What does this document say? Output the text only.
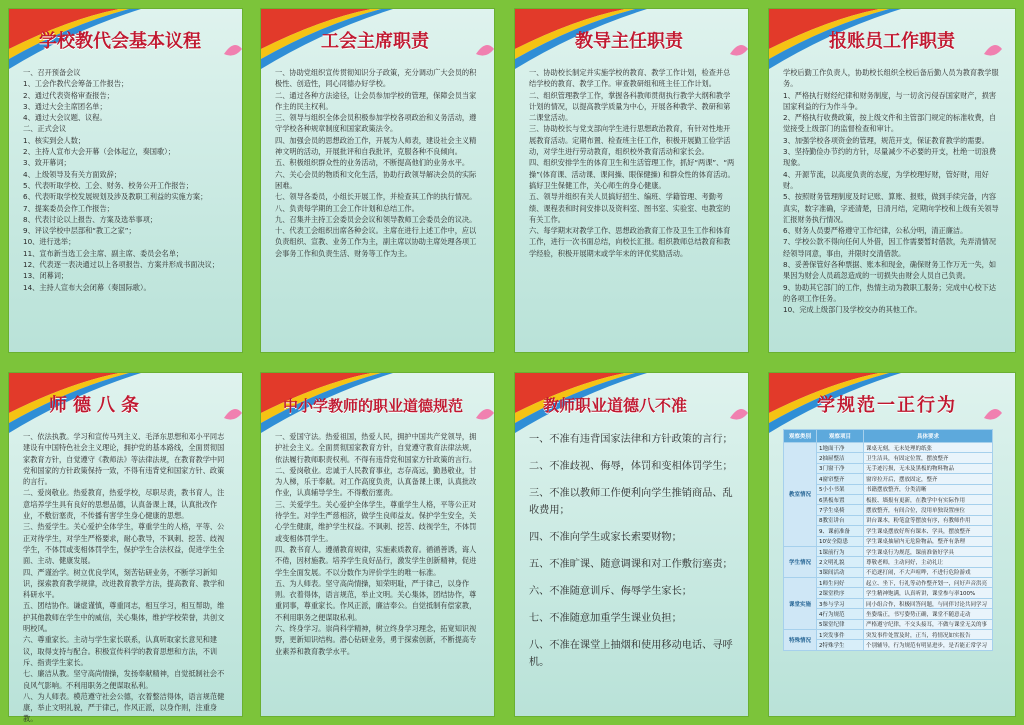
学校教代会基本议程

一、召开预备会议

1、工会作教代会筹备工作报告；

2、通过代表资格审查报告；

3、通过大会主席团名单；

4、通过大会议题、议程。

二、正式会议

1、核实到会人数；

2、主持人宣布大会开幕（会体起立，奏国歌）；

3、致开幕词；

4、上级领导及有关方面致辞；

5、代表听取学校、工会、财务、校务公开工作报告；

6、代表听取学校发展规划及涉及教职工利益的实施方案；

7、提案委员会作工作报告；

8、代表讨论以上报告、方案及选举事项；

9、评议学校中层部和“教工之家”；

10、进行选举；

11、宣布新当选工会主席、副主席、委员会名单；

12、代表逐一表决通过以上各项报告、方案并形成书面决议；

13、闭幕词；

14、主持人宣布大会闭幕（奏国际歌）。

工会主席职责

一、协助党组织宣传贯彻知识分子政策，充分调动广大会员的积极性、创造性，同心同德办好学校。

二、通过各种方法途径，让会员参加学校的管理，保障会员当家作主的民主权利。

三、领导与组织全体会员积极参加学校各项政治和义务活动，遵守学校各种规章制度和国家政策法令。

四、加强会员的思想政治工作，开展为人师表，建设社会主义精神文明的活动，开展批评和自我批评，克服各种不良倾向。

五、积极组织群众性的业务活动，不断提高他们的业务水平。

六、关心会员的物质和文化生活，协助行政领导解决会员的实际困难。

七、领导各委员，小组长开展工作，并检查其工作的执行情况。

八、负责每学期的工会工作计划和总结工作。

九、召集并主持工会委员会会议和领导教师工会委员会的议决。

十、代表工会组织出席各种会议。主席在进行上述工作中，应以负责组织、宣教、业务工作为主，副主席以协助主席处理各项工会事务工作和负责生活、财务等工作为主。

教导主任职责

一、协助校长制定并实施学校的教育、教学工作计划，检查并总结学校的教育、教学工作。审查教研组和班主任工作计划。

二、组织管理教学工作，掌握各科教师贯彻执行教学大纲和教学计划的情况，以提高教学质量为中心，开展各种教学、教研和第二课堂活动。

三、协助校长与党支部向学生进行思想政治教育，有针对性地开展教育活动。定期布置、检查班主任工作，积极开展勤工俭学活动，对学生进行劳动教育，组织校外教育活动和家长会。

四、组织安排学生的体育卫生和生活管理工作，抓好“两课”、“两操”(体育课、活动课、课间操、眼保健操) 和群众性的体育活动。搞好卫生保健工作，关心师生的身心健康。

五、领导并组织有关人员搞好招生、编班、学籍管理、考勤考绩、课程表和时间安排以及资料室、图书室、实验室、电教室的有关工作。

六、每学期末对教学工作、思想政治教育工作及卫生工作和体育工作，进行一次书面总结，向校长汇报。组织教师总结教育和教学经验，积极开展期末或学年末的评优奖励活动。

报账员工作职责

学校后勤工作负责人，协助校长组织全校后备后勤人员为教育教学服务。

1、严格执行财经纪律和财务制度，与一切贪污侵吞国家财产，损害国家利益的行为作斗争。

2、严格执行收费政策，按上级文件和主管部门规定的标准收费，自觉接受上级部门的监督检查和审计。

3、加强学校各项资金的管理，规范开支，保证教育教学的需要。

3、坚持勤俭办节约的方针，尽量减少不必要的开支，杜绝一切浪费现象。

4、开源节流，以高度负责的态度，为学校理好财，管好财，用好财。

5、按照财务管理制度及时记账、算账、报账，做到手续完备，内容真实，数字准确，字迹清楚，日清月结，定期向学校和上级有关领导汇报财务执行情况。

6、财务人员要严格遵守工作纪律，公私分明，清正廉洁。

7、学校公款不得向任何人外借，因工作需要暂时借款，先弄清情况经领导同意，事由，并限时交清借款。

8、妥善保管好各种票据、账本和现金，确保财务工作万无一失，如果因为财会人员疏忽造成的一切损失由财会人员自己负责。

9、协助其它部门的工作，热情主动为教职工服务；完成中心校下达的各项工作任务。

10、完成上级部门及学校交办的其他工作。

师德八条

一、依法执教。学习和宣传马列主义、毛泽东思想和邓小平同志建设有中国特色社会主义理论，拥护党的基本路线，全面贯彻国家教育方针，自觉遵守《教师法》等法律法规，在教育教学中同党和国家的方针政策保持一致，不得有违背党和国家方针、政策的言行。

二、爱岗敬业。热爱教育，热爱学校，尽职尽责，教书育人，注意培养学生具有良好的思想品德，认真备课上课，认真批改作业，不敷衍塞责，不传播有害学生身心健康的思想。

三、热爱学生。关心爱护全体学生，尊重学生的人格，平等、公正对待学生，对学生严格要求，耐心教导，不讽刺、挖苦、歧视学生，不体罚或变相体罚学生，保护学生合法权益，促进学生全面、主动、健康发展。

四、严谨治学。树立优良学风，刻苦钻研业务，不断学习新知识，探索教育教学规律，改进教育教学方法，提高教育、教学和科研水平。

五、团结协作。谦虚谨慎，尊重同志，相互学习，相互帮助，维护其他教师在学生中的威信，关心集体，维护学校荣誉，共创文明校风。

六、尊重家长。主动与学生家长联系，认真听取家长意见和建议，取得支持与配合。积极宣传科学的教育思想和方法，不训斥、指责学生家长。

七、廉洁从教。坚守高尚情操，发扬奉献精神，自觉抵制社会不良风气影响。不利用职务之便谋取私利。

八、为人师表。模范遵守社会公德，衣着整洁得体，语言规范健康，举止文明礼貌，严于律己，作风正派，以身作则，注重身教。

中小学教师的职业道德规范

一、爱国守法。热爱祖国，热爱人民，拥护中国共产党领导，拥护社会主义。全面贯彻国家教育方针，自觉遵守教育法律法规，依法履行教师职责权利。不得有违背党和国家方针政策的言行。

二、爱岗敬业。忠诚于人民教育事业，志存高远，勤恳敬业，甘为人梯，乐于奉献。对工作高度负责，认真备课上课，认真批改作业，认真辅导学生。不得敷衍塞责。

三、关爱学生。关心爱护全体学生，尊重学生人格，平等公正对待学生。对学生严慈相济，做学生良师益友。保护学生安全，关心学生健康，维护学生权益。不讽刺、挖苦、歧视学生，不体罚或变相体罚学生。

四、教书育人。遵循教育规律，实施素质教育。循循善诱，诲人不倦，因材施教。培养学生良好品行，激发学生创新精神，促进学生全面发展。不以分数作为评价学生的唯一标准。

五、为人师表。坚守高尚情操，知荣明耻，严于律己，以身作则。衣着得体，语言规范，举止文明。关心集体，团结协作，尊重同事，尊重家长。作风正派，廉洁奉公。自觉抵制有偿家教，不利用职务之便谋取私利。

六、终身学习。崇尚科学精神，树立终身学习理念，拓宽知识视野，更新知识结构。潜心钻研业务，勇于探索创新，不断提高专业素养和教育教学水平。

教师职业道德八不准

一、不准有违背国家法律和方针政策的言行；

二、不准歧视、侮辱，体罚和变相体罚学生；

三、不准以教师工作便利向学生推销商品、乱收费用；

四、不准向学生或家长索要财物；

五、不准旷课、随意调课和对工作敷衍塞责；

六、不准随意训斥、侮辱学生家长；

七、不准随意加重学生课业负担；

八、不准在课堂上抽烟和使用移动电话、寻呼机。

学规范一正行为
观察类别	观察项目	具体要求
教室情况	1地面干净	课桌无刻，无未处理的纸张
	2抽屉整洁	卫生洁具，有固定位置，摆放整齐
	3门窗干净	无手迹污损，无未及黑板的物料物品
	4窗帘整齐	窗帘拉开后，摆放固定，整齐
	5小小书架	书籍摆放整齐，分类清晰
	6黑板布置	板报、墙报有更新，在教学中有实际作用
	7学生桌椅	摆放整齐，有间合位，没用单独设置座位
	8教室讲台	讲台课本，粉笔盒等摆放有序，有教师作用
	9、课前准备	学生课桌摆放好所有课本、学具，摆放整齐
	10安全隐患	学生课桌抽屉内无危险物品，整齐有条理
学生情况	1课前行为	学生课桌行为规范，课前准备好学具
	2文明礼貌	尊敬老师，主动问好，主动礼让
	3课间活动	不追逐打闹，不大声喧哗，不进行危险游戏
课堂实施	1师生问好	起立、坐下，行礼等动作整齐划一，问好声音洪亮
	2课堂秩序	学生精神饱满，认真听讲，课堂参与率100%
	3参与学习	同小组合作，积极回答问题，与同伴讨论共同学习
	4行为规范	坐姿端正，书写姿势正确，课堂不随意走动
	5课堂纪律	严格遵守纪律，不交头接耳，不做与课堂无关的事
特殊情况	1突发事件	突发事件处置及时，正当，将情况如实报告
	2特殊学生	个别辅导，行为规范有明显进步，是否能正常学习
